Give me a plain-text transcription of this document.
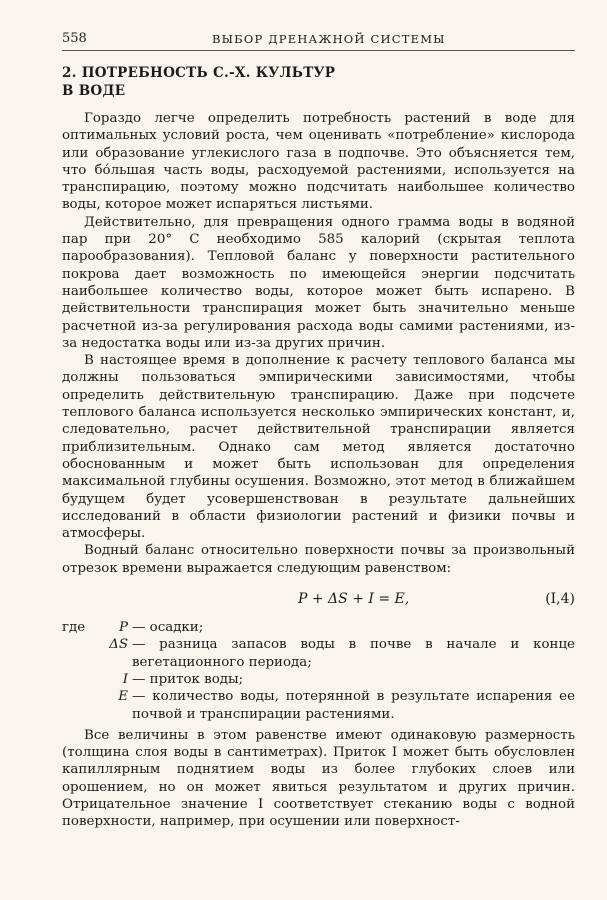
558	ВЫБОР ДРЕНАЖНОЙ СИСТЕМЫ
2. ПОТРЕБНОСТЬ С.-Х. КУЛЬТУР
В ВОДЕ

Гораздо легче определить потребность растений в воде для оптимальных условий роста, чем оценивать «потребление» кислорода или образование углекислого газа в подпочве. Это объясняется тем, что бо́льшая часть воды, расходуемой растениями, используется на транспирацию, поэтому можно подсчитать наибольшее количество воды, которое может испаряться листьями.

Действительно, для превращения одного грамма воды в водяной пар при 20° С необходимо 585 калорий (скрытая теплота парообразования). Тепловой баланс у поверхности растительного покрова дает возможность по имеющейся энергии подсчитать наибольшее количество воды, которое может быть испарено. В действительности транспирация может быть значительно меньше расчетной из-за регулирования расхода воды самими растениями, из-за недостатка воды или из-за других причин.

В настоящее время в дополнение к расчету теплового баланса мы должны пользоваться эмпирическими зависимостями, чтобы определить действительную транспирацию. Даже при подсчете теплового баланса используется несколько эмпирических констант, и, следовательно, расчет действительной транспирации является приблизительным. Однако сам метод является достаточно обоснованным и может быть использован для определения максимальной глубины осушения. Возможно, этот метод в ближайшем будущем будет усовершенствован в результате дальнейших исследований в области физиологии растений и физики почвы и атмосферы.

Водный баланс относительно поверхности почвы за произвольный отрезок времени выражается следующим равенством:

P + ΔS + I = E,	(I,4)
где	P — осадки;
ΔS — разница запасов воды в почве в начале и конце вегетационного периода;
I — приток воды;
E — количество воды, потерянной в результате испарения ее почвой и транспирации растениями.

Все величины в этом равенстве имеют одинаковую размерность (толщина слоя воды в сантиметрах). Приток I может быть обусловлен капиллярным поднятием воды из более глубоких слоев или орошением, но он может явиться результатом и других причин. Отрицательное значение I соответствует стеканию воды с водной поверхности, например, при осушении или поверхност-
